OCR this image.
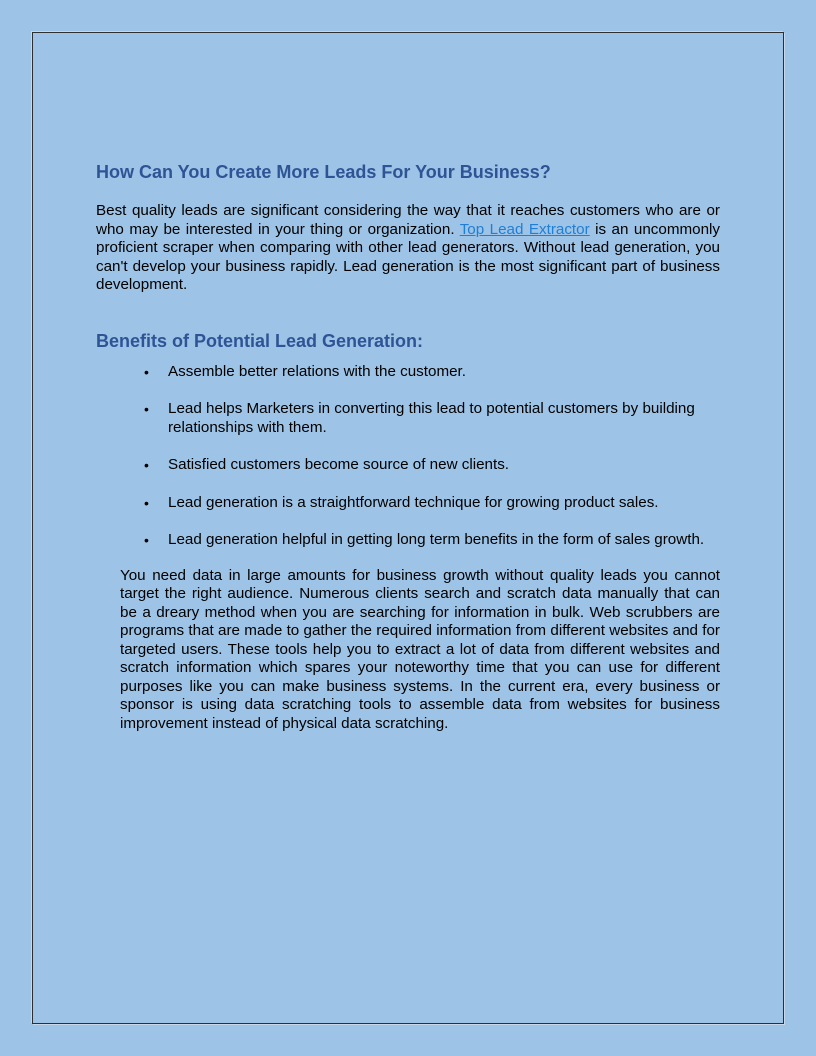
How Can You Create More Leads For Your Business?

Best quality leads are significant considering the way that it reaches customers who are or who may be interested in your thing or organization. Top Lead Extractor is an uncommonly proficient scraper when comparing with other lead generators. Without lead generation, you can't develop your business rapidly. Lead generation is the most significant part of business development.

Benefits of Potential Lead Generation:
• Assemble better relations with the customer.
• Lead helps Marketers in converting this lead to potential customers by building relationships with them.
• Satisfied customers become source of new clients.
• Lead generation is a straightforward technique for growing product sales.
• Lead generation helpful in getting long term benefits in the form of sales growth.

You need data in large amounts for business growth without quality leads you cannot target the right audience. Numerous clients search and scratch data manually that can be a dreary method when you are searching for information in bulk. Web scrubbers are programs that are made to gather the required information from different websites and for targeted users. These tools help you to extract a lot of data from different websites and scratch information which spares your noteworthy time that you can use for different purposes like you can make business systems. In the current era, every business or sponsor is using data scratching tools to assemble data from websites for business improvement instead of physical data scratching.
